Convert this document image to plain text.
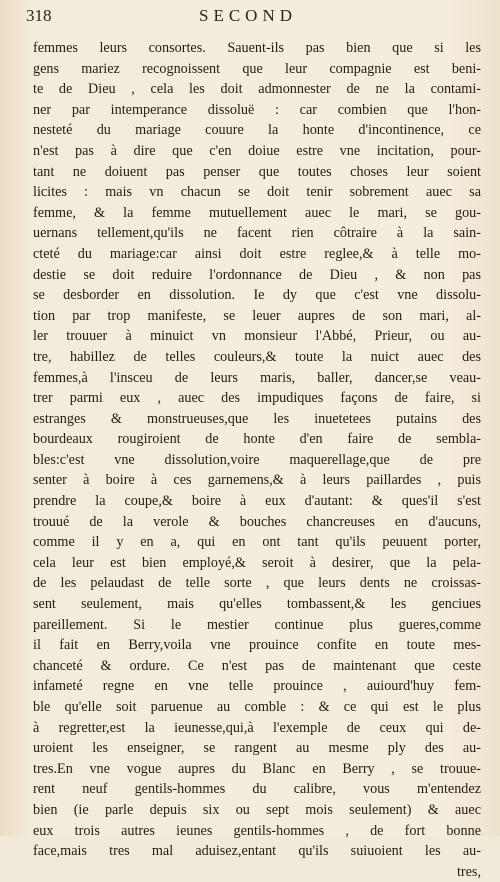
318	SECOND
femmes leurs consortes. Sauent-ils pas bien que si les
gens mariez recognoissent que leur compagnie est beni-
te de Dieu , cela les doit admonnester de ne la contami-
ner par intemperance dissoluë : car combien que l'hon-
nesteté du mariage couure la honte d'incontinence, ce
n'est pas à dire que c'en doiue estre vne incitation, pour-
tant ne doiuent pas penser que toutes choses leur soient
licites : mais vn chacun se doit tenir sobrement auec sa
femme, & la femme mutuellement auec le mari, se gou-
uernans tellement,qu'ils ne facent rien côtraire à la sain-
cteté du mariage:car ainsi doit estre reglee,& à telle mo-
destie se doit reduire l'ordonnance de Dieu , & non pas
se desborder en dissolution. Ie dy que c'est vne dissolu-
tion par trop manifeste, se leuer aupres de son mari, al-
ler trouuer à minuict vn monsieur l'Abbé, Prieur, ou au-
tre, habillez de telles couleurs,& toute la nuict auec des
femmes,à l'insceu de leurs maris, baller, dancer,se veau-
trer parmi eux , auec des impudiques façons de faire, si
estranges & monstrueuses,que les inuetetees putains des
bourdeaux rougiroient de honte d'en faire de sembla-
bles:c'est vne dissolution,voire maquerellage,que de pre
senter à boire à ces garnemens,& à leurs paillardes , puis
prendre la coupe,& boire à eux d'autant: & ques'il s'est
trouué de la verole & bouches chancreuses en d'aucuns,
comme il y en a, qui en ont tant qu'ils peuuent porter,
cela leur est bien employé,& seroit à desirer, que la pela-
de les pelaudast de telle sorte , que leurs dents ne croissas-
sent seulement, mais qu'elles tombassent,& les genciues
pareillement. Si le mestier continue plus gueres,comme
il fait en Berry,voila vne prouince confite en toute mes-
chanceté & ordure. Ce n'est pas de maintenant que ceste
infameté regne en vne telle prouince , auiourd'huy fem-
ble qu'elle soit paruenue au comble : & ce qui est le plus
à regretter,est la ieunesse,qui,à l'exemple de ceux qui de-
uroient les enseigner, se rangent au mesme ply des au-
tres.En vne vogue aupres du Blanc en Berry , se trouue-
rent neuf gentils-hommes du calibre, vous m'entendez
bien (ie parle depuis six ou sept mois seulement) & auec
eux trois autres ieunes gentils-hommes , de fort bonne
face,mais tres mal aduisez,entant qu'ils suiuoient les au-
tres,
